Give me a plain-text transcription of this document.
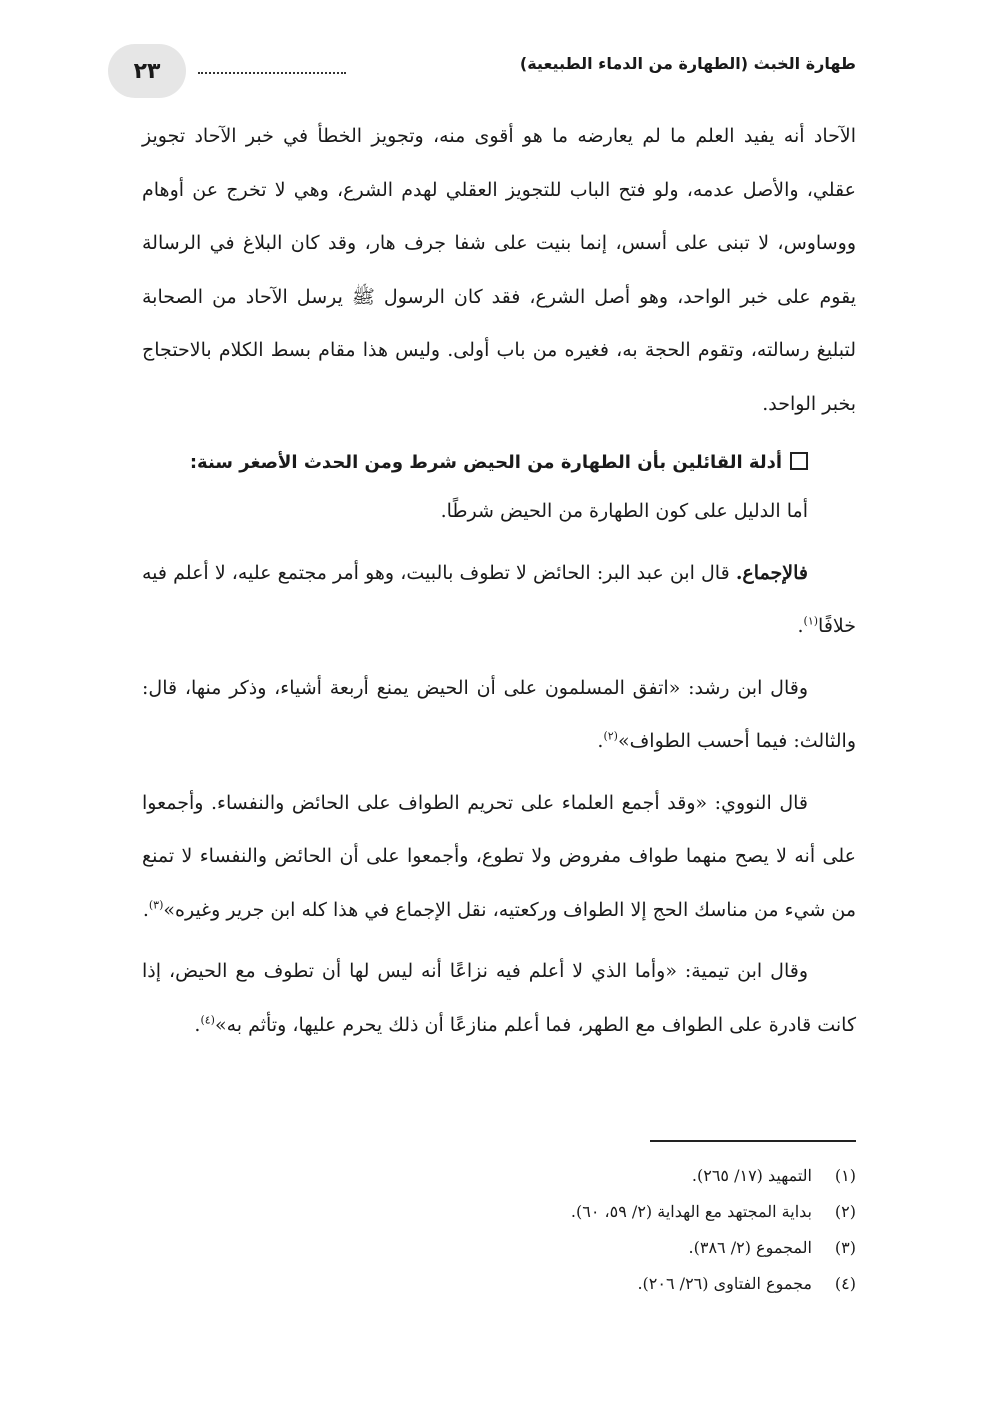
٢٣	طهارة الخبث (الطهارة من الدماء الطبيعية)

الآحاد أنه يفيد العلم ما لم يعارضه ما هو أقوى منه، وتجويز الخطأ في خبر الآحاد تجويز عقلي، والأصل عدمه، ولو فتح الباب للتجويز العقلي لهدم الشرع، وهي لا تخرج عن أوهام ووساوس، لا تبنى على أسس، إنما بنيت على شفا جرف هار، وقد كان البلاغ في الرسالة يقوم على خبر الواحد، وهو أصل الشرع، فقد كان الرسول ﷺ يرسل الآحاد من الصحابة لتبليغ رسالته، وتقوم الحجة به، فغيره من باب أولى. وليس هذا مقام بسط الكلام بالاحتجاج بخبر الواحد.

أدلة القائلين بأن الطهارة من الحيض شرط ومن الحدث الأصغر سنة:

أما الدليل على كون الطهارة من الحيض شرطًا.

فالإجماع. قال ابن عبد البر: الحائض لا تطوف بالبيت، وهو أمر مجتمع عليه، لا أعلم فيه خلافًا$^{(١)}$.

وقال ابن رشد: «اتفق المسلمون على أن الحيض يمنع أربعة أشياء، وذكر منها، قال: والثالث: فيما أحسب الطواف»$^{(٢)}$.

قال النووي: «وقد أجمع العلماء على تحريم الطواف على الحائض والنفساء. وأجمعوا على أنه لا يصح منهما طواف مفروض ولا تطوع، وأجمعوا على أن الحائض والنفساء لا تمنع من شيء من مناسك الحج إلا الطواف وركعتيه، نقل الإجماع في هذا كله ابن جرير وغيره»$^{(٣)}$.

وقال ابن تيمية: «وأما الذي لا أعلم فيه نزاعًا أنه ليس لها أن تطوف مع الحيض، إذا كانت قادرة على الطواف مع الطهر، فما أعلم منازعًا أن ذلك يحرم عليها، وتأثم به»$^{(٤)}$.

(١)التمهيد (١٧/ ٢٦٥).

(٢)بداية المجتهد مع الهداية (٢/ ٥٩، ٦٠).

(٣)المجموع (٢/ ٣٨٦).

(٤)مجموع الفتاوى (٢٦/ ٢٠٦).
